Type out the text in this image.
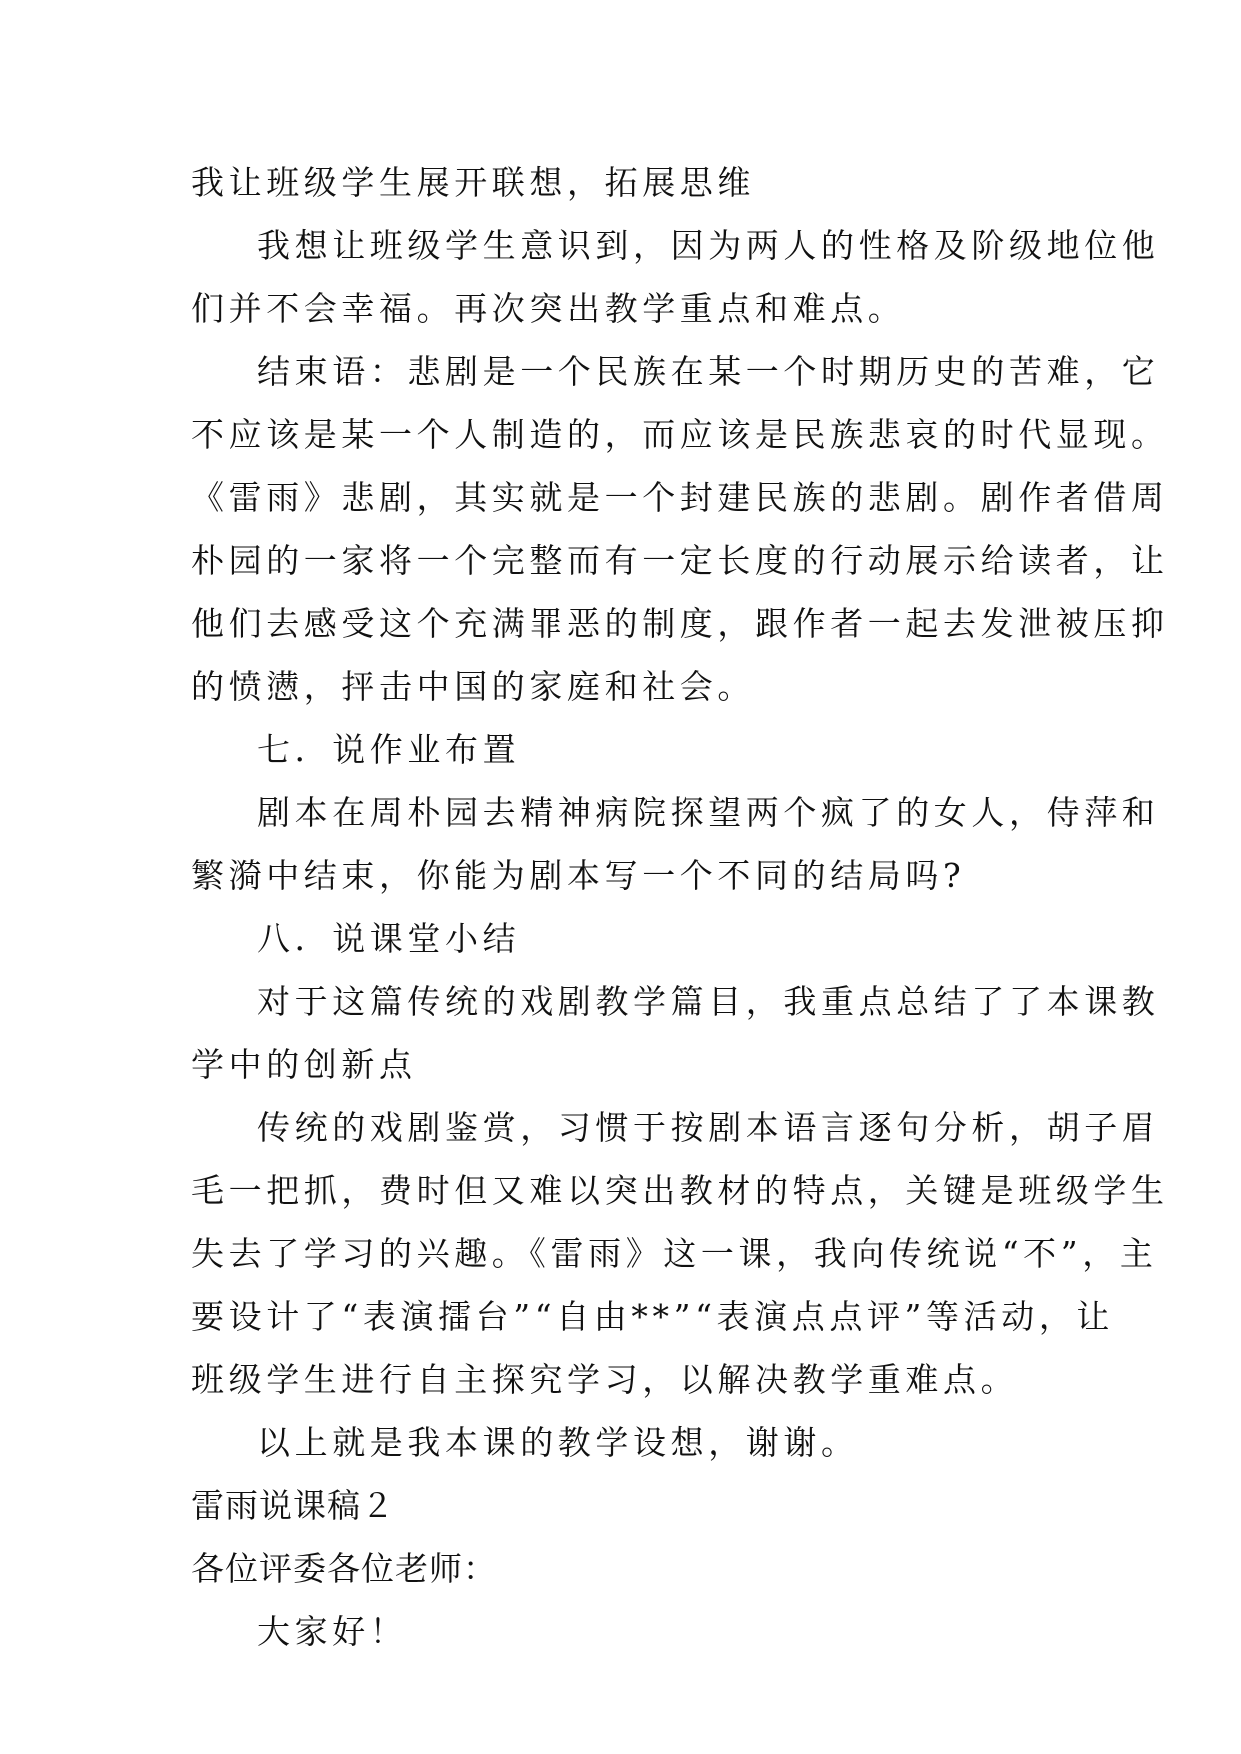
我让班级学生展开联想，拓展思维
我想让班级学生意识到，因为两人的性格及阶级地位他
们并不会幸福。再次突出教学重点和难点。
结束语：悲剧是一个民族在某一个时期历史的苦难，它
不应该是某一个人制造的，而应该是民族悲哀的时代显现。
《雷雨》悲剧，其实就是一个封建民族的悲剧。剧作者借周
朴园的一家将一个完整而有一定长度的行动展示给读者，让
他们去感受这个充满罪恶的制度，跟作者一起去发泄被压抑
的愤懑，抨击中国的家庭和社会。
七．说作业布置
剧本在周朴园去精神病院探望两个疯了的女人，侍萍和
繁漪中结束，你能为剧本写一个不同的结局吗?
八．说课堂小结
对于这篇传统的戏剧教学篇目，我重点总结了了本课教
学中的创新点
传统的戏剧鉴赏，习惯于按剧本语言逐句分析，胡子眉
毛一把抓，费时但又难以突出教材的特点，关键是班级学生
失去了学习的兴趣。《雷雨》这一课，我向传统说“不”，主
要设计了“表演擂台”“自由**”“表演点点评”等活动，让
班级学生进行自主探究学习，以解决教学重难点。
以上就是我本课的教学设想，谢谢。
雷雨说课稿２
各位评委各位老师：
大家好！
